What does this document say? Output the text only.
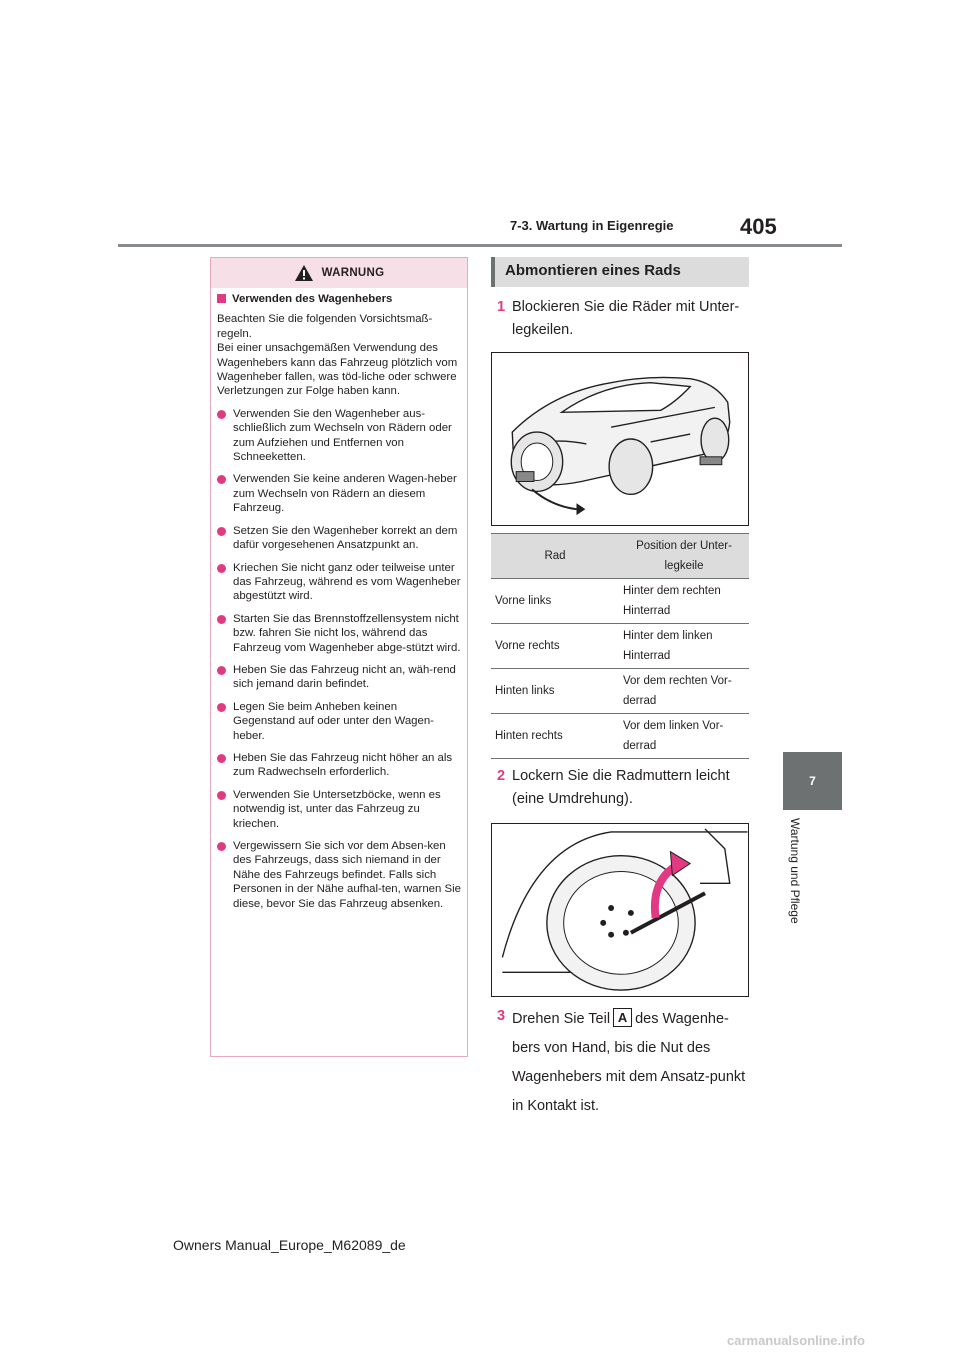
7-3. Wartung in Eigenregie	405
7
Wartung und Pflege
WARNUNG
Verwenden des Wagenhebers
Beachten Sie die folgenden Vorsichtsmaß-regeln.
Bei einer unsachgemäßen Verwendung des Wagenhebers kann das Fahrzeug plötzlich vom Wagenheber fallen, was töd-liche oder schwere Verletzungen zur Folge haben kann.
Verwenden Sie den Wagenheber aus-schließlich zum Wechseln von Rädern oder zum Aufziehen und Entfernen von Schneeketten.
Verwenden Sie keine anderen Wagen-heber zum Wechseln von Rädern an diesem Fahrzeug.
Setzen Sie den Wagenheber korrekt an dem dafür vorgesehenen Ansatzpunkt an.
Kriechen Sie nicht ganz oder teilweise unter das Fahrzeug, während es vom Wagenheber abgestützt wird.
Starten Sie das Brennstoffzellensystem nicht bzw. fahren Sie nicht los, während das Fahrzeug vom Wagenheber abge-stützt wird.
Heben Sie das Fahrzeug nicht an, wäh-rend sich jemand darin befindet.
Legen Sie beim Anheben keinen Gegenstand auf oder unter den Wagen-heber.
Heben Sie das Fahrzeug nicht höher an als zum Radwechseln erforderlich.
Verwenden Sie Untersetzböcke, wenn es notwendig ist, unter das Fahrzeug zu kriechen.
Vergewissern Sie sich vor dem Absen-ken des Fahrzeugs, dass sich niemand in der Nähe des Fahrzeugs befindet. Falls sich Personen in der Nähe aufhal-ten, warnen Sie diese, bevor Sie das Fahrzeug absenken.
Abmontieren eines Rads
1 Blockieren Sie die Räder mit Unter-legkeilen.
Rad	Position der Unter-legkeile
Vorne links	Hinter dem rechten Hinterrad
Vorne rechts	Hinter dem linken Hinterrad
Hinten links	Vor dem rechten Vor-derrad
Hinten rechts	Vor dem linken Vor-derrad
2 Lockern Sie die Radmuttern leicht (eine Umdrehung).
3 Drehen Sie Teil A des Wagenhe-bers von Hand, bis die Nut des Wagenhebers mit dem Ansatz-punkt in Kontakt ist.
Owners Manual_Europe_M62089_de
carmanualsonline.info
